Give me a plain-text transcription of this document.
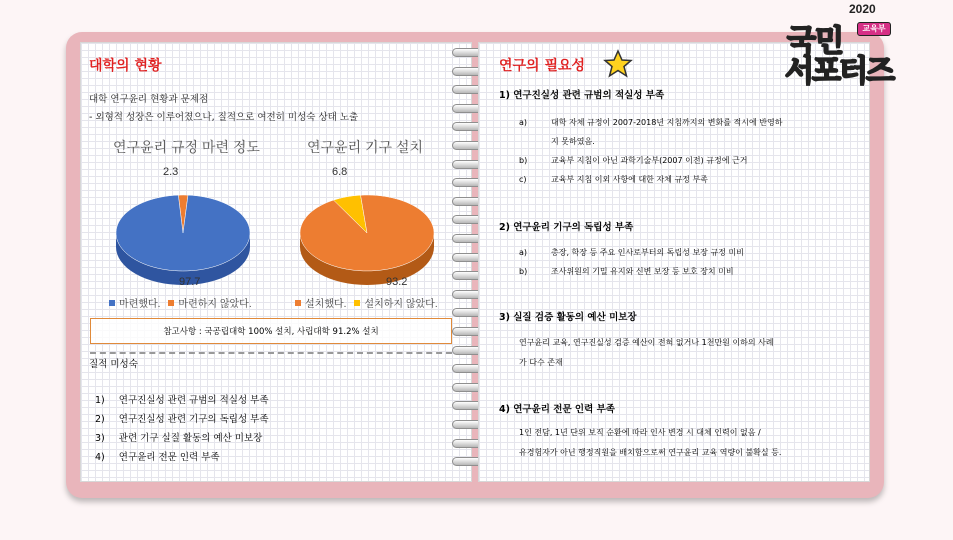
대학의 현황
대학 연구윤리 현황과 문제점
- 외형적 성장은 이루어졌으나, 질적으로 여전히 미성숙 상태 노출
연구윤리 규정 마련 정도	연구윤리 기구 설치
2.3
97.7
6.8
93.2
마련했다. 마련하지 않았다.	설치했다. 설치하지 않았다.
질적 미성숙
1) 연구진실성 관련 규범의 적실성 부족
2) 연구진실성 관련 기구의 독립성 부족
3) 관련 기구 실질 활동의 예산 미보장
4) 연구윤리 전문 인력 부족
참고사항 : 국공립대학 100% 설치, 사립대학 91.2% 설치
연구의 필요성
1) 연구진실성 관련 규범의 적실성 부족
a)	대학 자체 규정이 2007-2018년 지침까지의 변화를 적시에 반영하
지 못하였음.
b)	교육부 지침이 아닌 과학기술부(2007 이전) 규정에 근거
c)	교육부 지침 이외 사항에 대한 자체 규정 부족
2) 연구윤리 기구의 독립성 부족
a)	총장, 학장 등 주요 인사로부터의 독립성 보장 규정 미비
b)	조사위원의 기밀 유지와 신변 보장 등 보호 장치 미비
3) 실질 검증 활동의 예산 미보장
연구윤리 교육, 연구진실성 검증 예산이 전혀 없거나 1천만원 이하의 사례
가 다수 존재
4) 연구윤리 전문 인력 부족
1인 전담, 1년 단위 보직 순환에 따라 인사 변경 시 대체 인력이 없음 /
유경험자가 아닌 행정직원을 배치함으로써 연구윤리 교육 역량이 불확실 등.
2020
국민	교육부
서포터즈
